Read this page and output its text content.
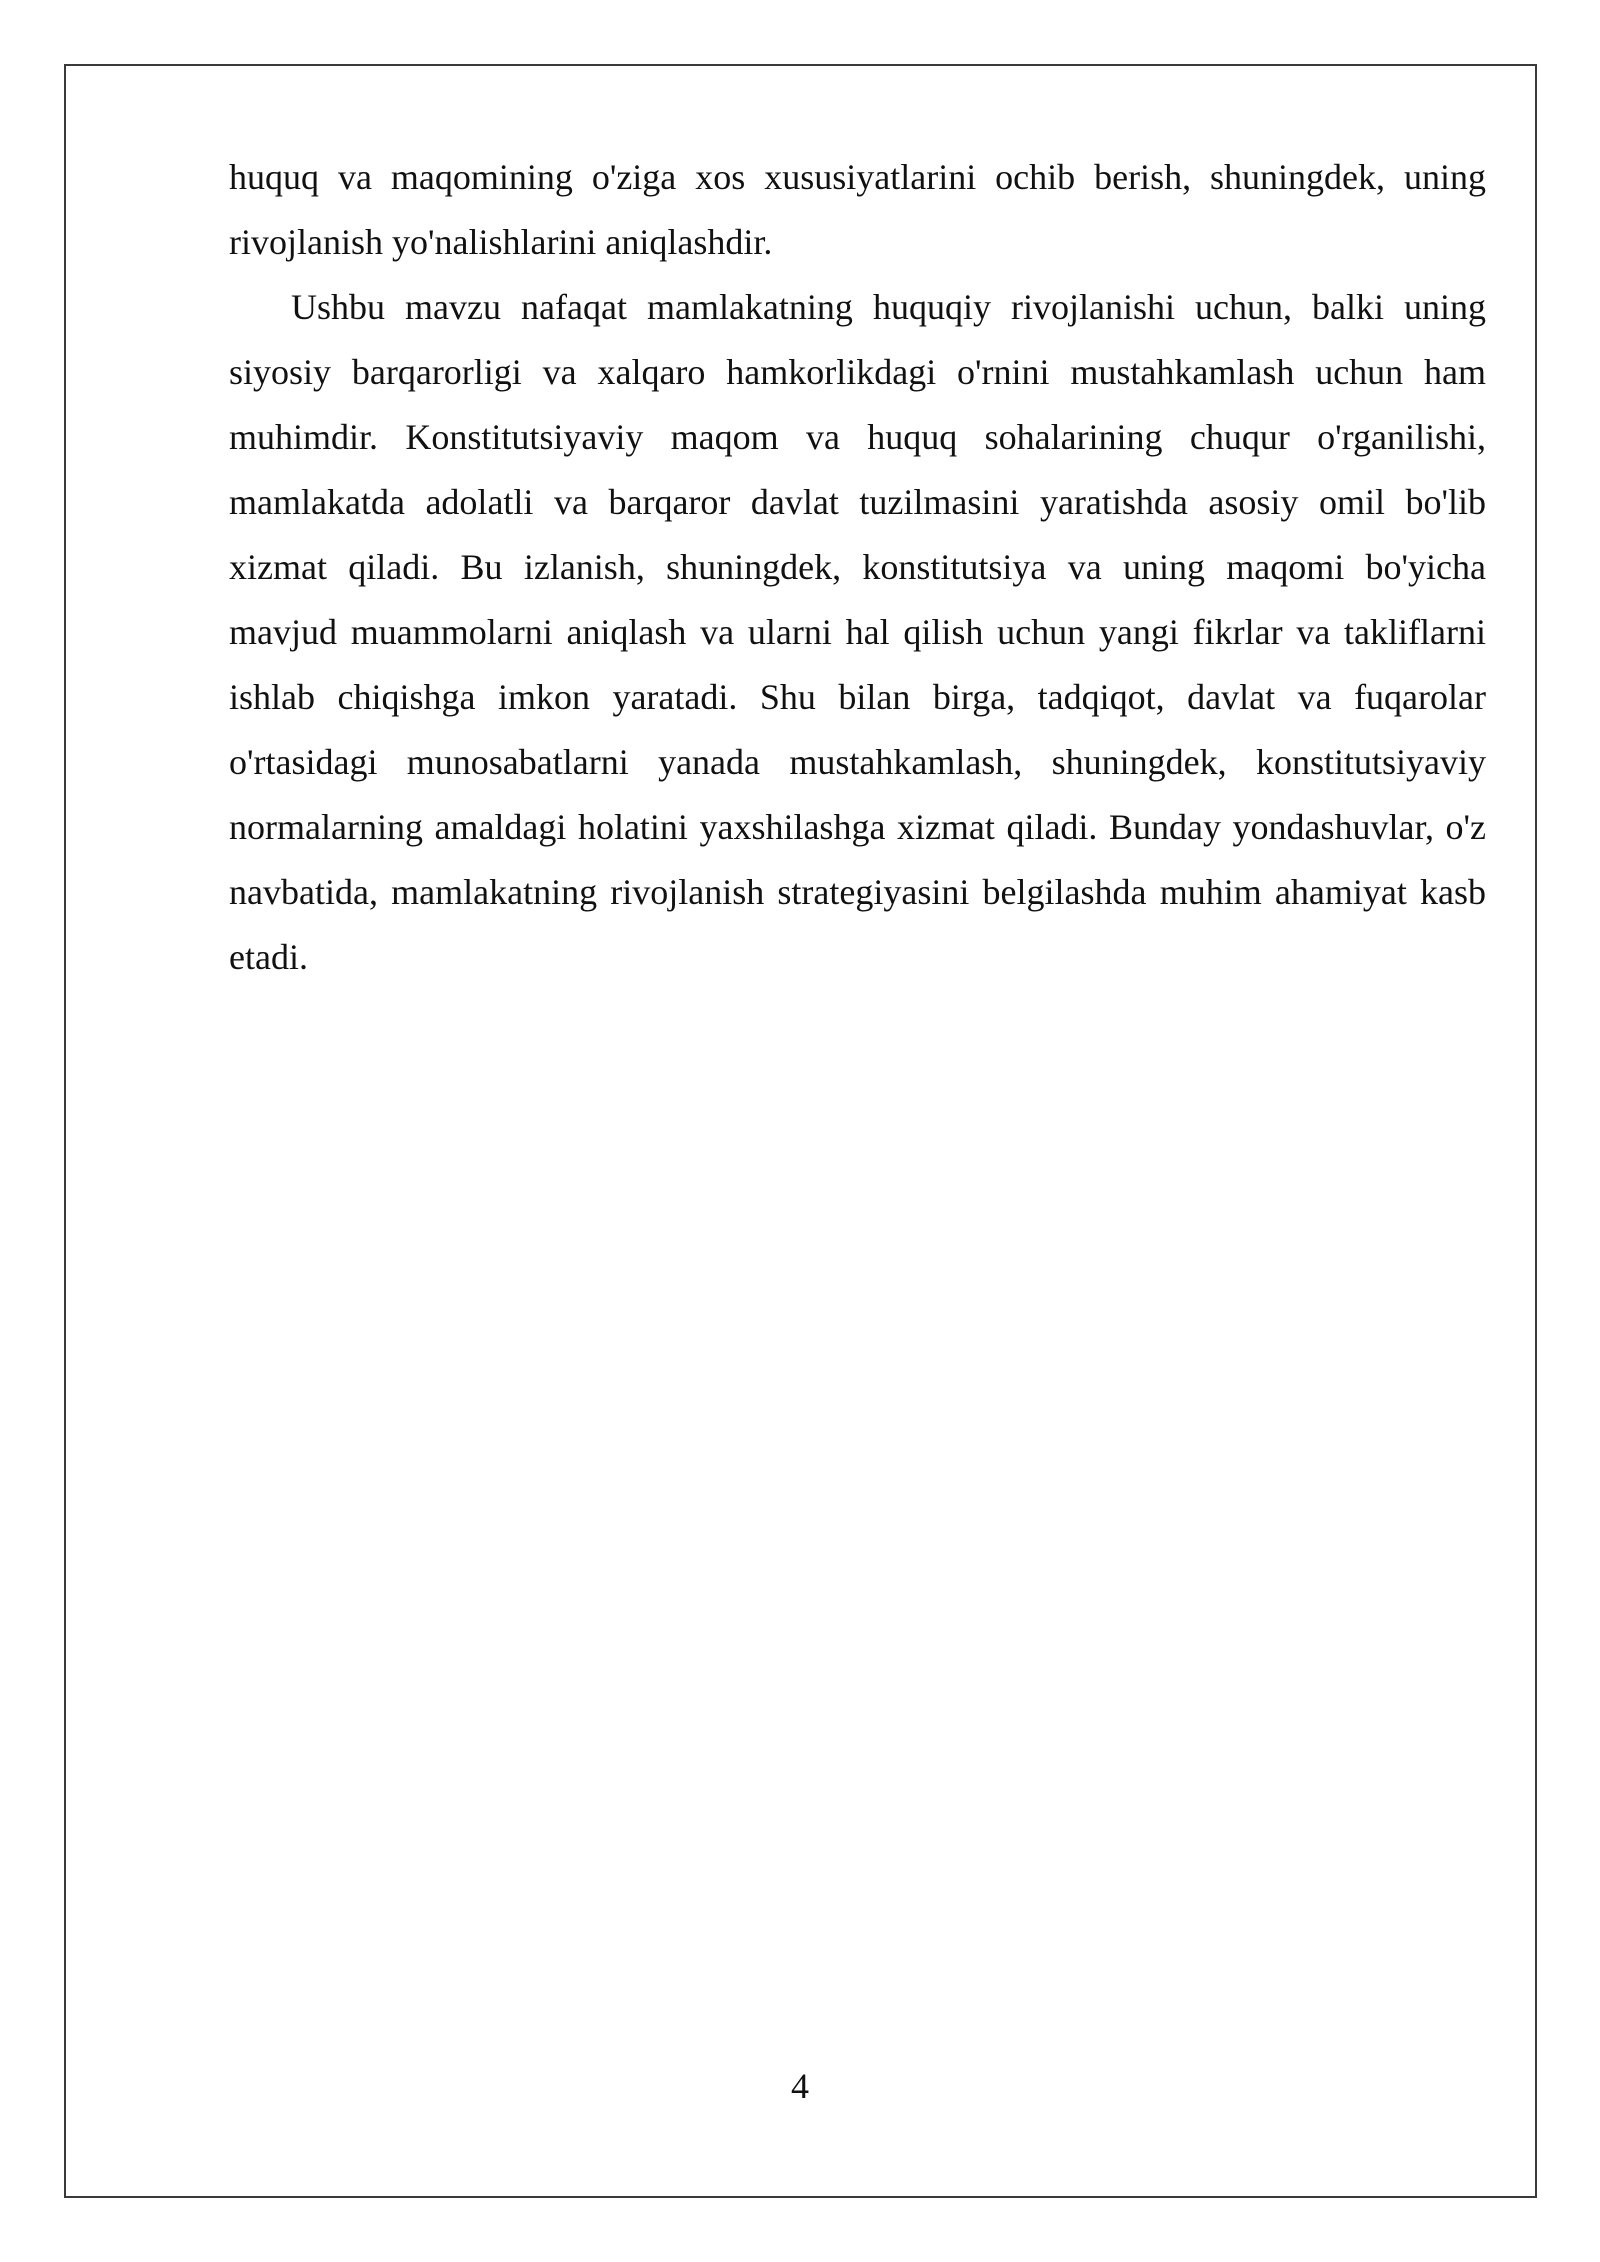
huquq va maqomining o'ziga xos xususiyatlarini ochib berish, shuningdek, uning rivojlanish yo'nalishlarini aniqlashdir.

Ushbu mavzu nafaqat mamlakatning huquqiy rivojlanishi uchun, balki uning siyosiy barqarorligi va xalqaro hamkorlikdagi o'rnini mustahkamlash uchun ham muhimdir. Konstitutsiyaviy maqom va huquq sohalarining chuqur o'rganilishi, mamlakatda adolatli va barqaror davlat tuzilmasini yaratishda asosiy omil bo'lib xizmat qiladi. Bu izlanish, shuningdek, konstitutsiya va uning maqomi bo'yicha mavjud muammolarni aniqlash va ularni hal qilish uchun yangi fikrlar va takliflarni ishlab chiqishga imkon yaratadi. Shu bilan birga, tadqiqot, davlat va fuqarolar o'rtasidagi munosabatlarni yanada mustahkamlash, shuningdek, konstitutsiyaviy normalarning amaldagi holatini yaxshilashga xizmat qiladi. Bunday yondashuvlar, o'z navbatida, mamlakatning rivojlanish strategiyasini belgilashda muhim ahamiyat kasb etadi.

4
